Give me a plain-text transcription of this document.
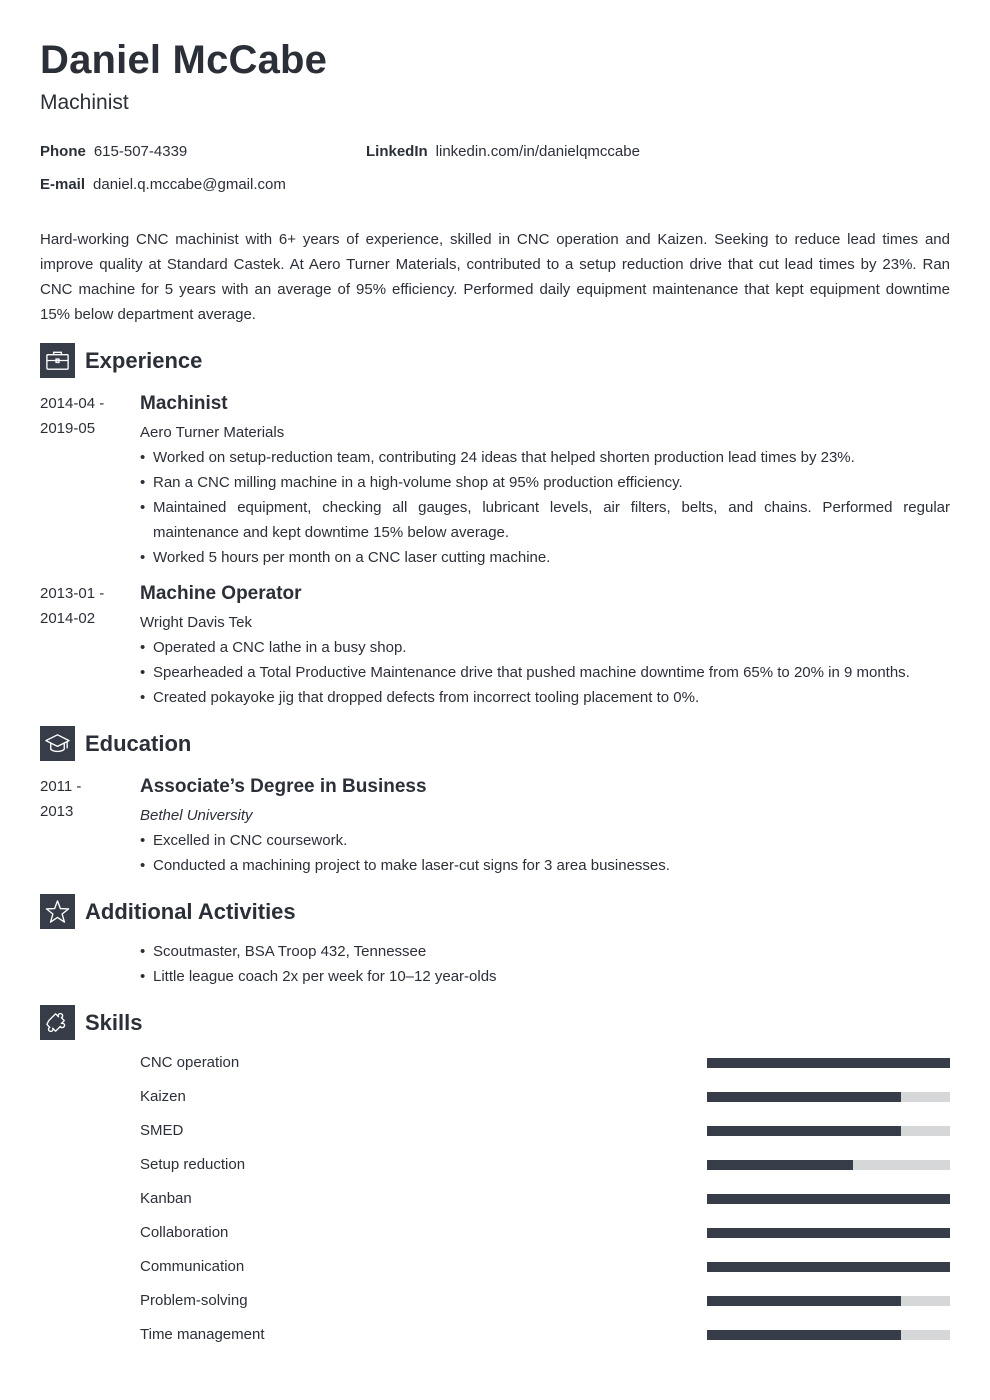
Daniel McCabe
Machinist
Phone 615-507-4339	LinkedIn linkedin.com/in/danielqmccabe
E-mail daniel.q.mccabe@gmail.com

Hard-working CNC machinist with 6+ years of experience, skilled in CNC operation and Kaizen. Seeking to reduce lead times and improve quality at Standard Castek. At Aero Turner Materials, contributed to a setup reduction drive that cut lead times by 23%. Ran CNC machine for 5 years with an average of 95% efficiency. Performed daily equipment maintenance that kept equipment downtime 15% below department average.

Experience
2014-04 -
2019-05
Machinist
Aero Turner Materials
• Worked on setup-reduction team, contributing 24 ideas that helped shorten production lead times by 23%.
• Ran a CNC milling machine in a high-volume shop at 95% production efficiency.
• Maintained equipment, checking all gauges, lubricant levels, air filters, belts, and chains. Performed regular maintenance and kept downtime 15% below average.
• Worked 5 hours per month on a CNC laser cutting machine.
2013-01 -
2014-02
Machine Operator
Wright Davis Tek
• Operated a CNC lathe in a busy shop.
• Spearheaded a Total Productive Maintenance drive that pushed machine downtime from 65% to 20% in 9 months.
• Created pokayoke jig that dropped defects from incorrect tooling placement to 0%.
Education
2011 -
2013
Associate’s Degree in Business
Bethel University
• Excelled in CNC coursework.
• Conducted a machining project to make laser-cut signs for 3 area businesses.
Additional Activities
• Scoutmaster, BSA Troop 432, Tennessee
• Little league coach 2x per week for 10–12 year-olds
Skills
CNC operation
Kaizen
SMED
Setup reduction
Kanban
Collaboration
Communication
Problem-solving
Time management
